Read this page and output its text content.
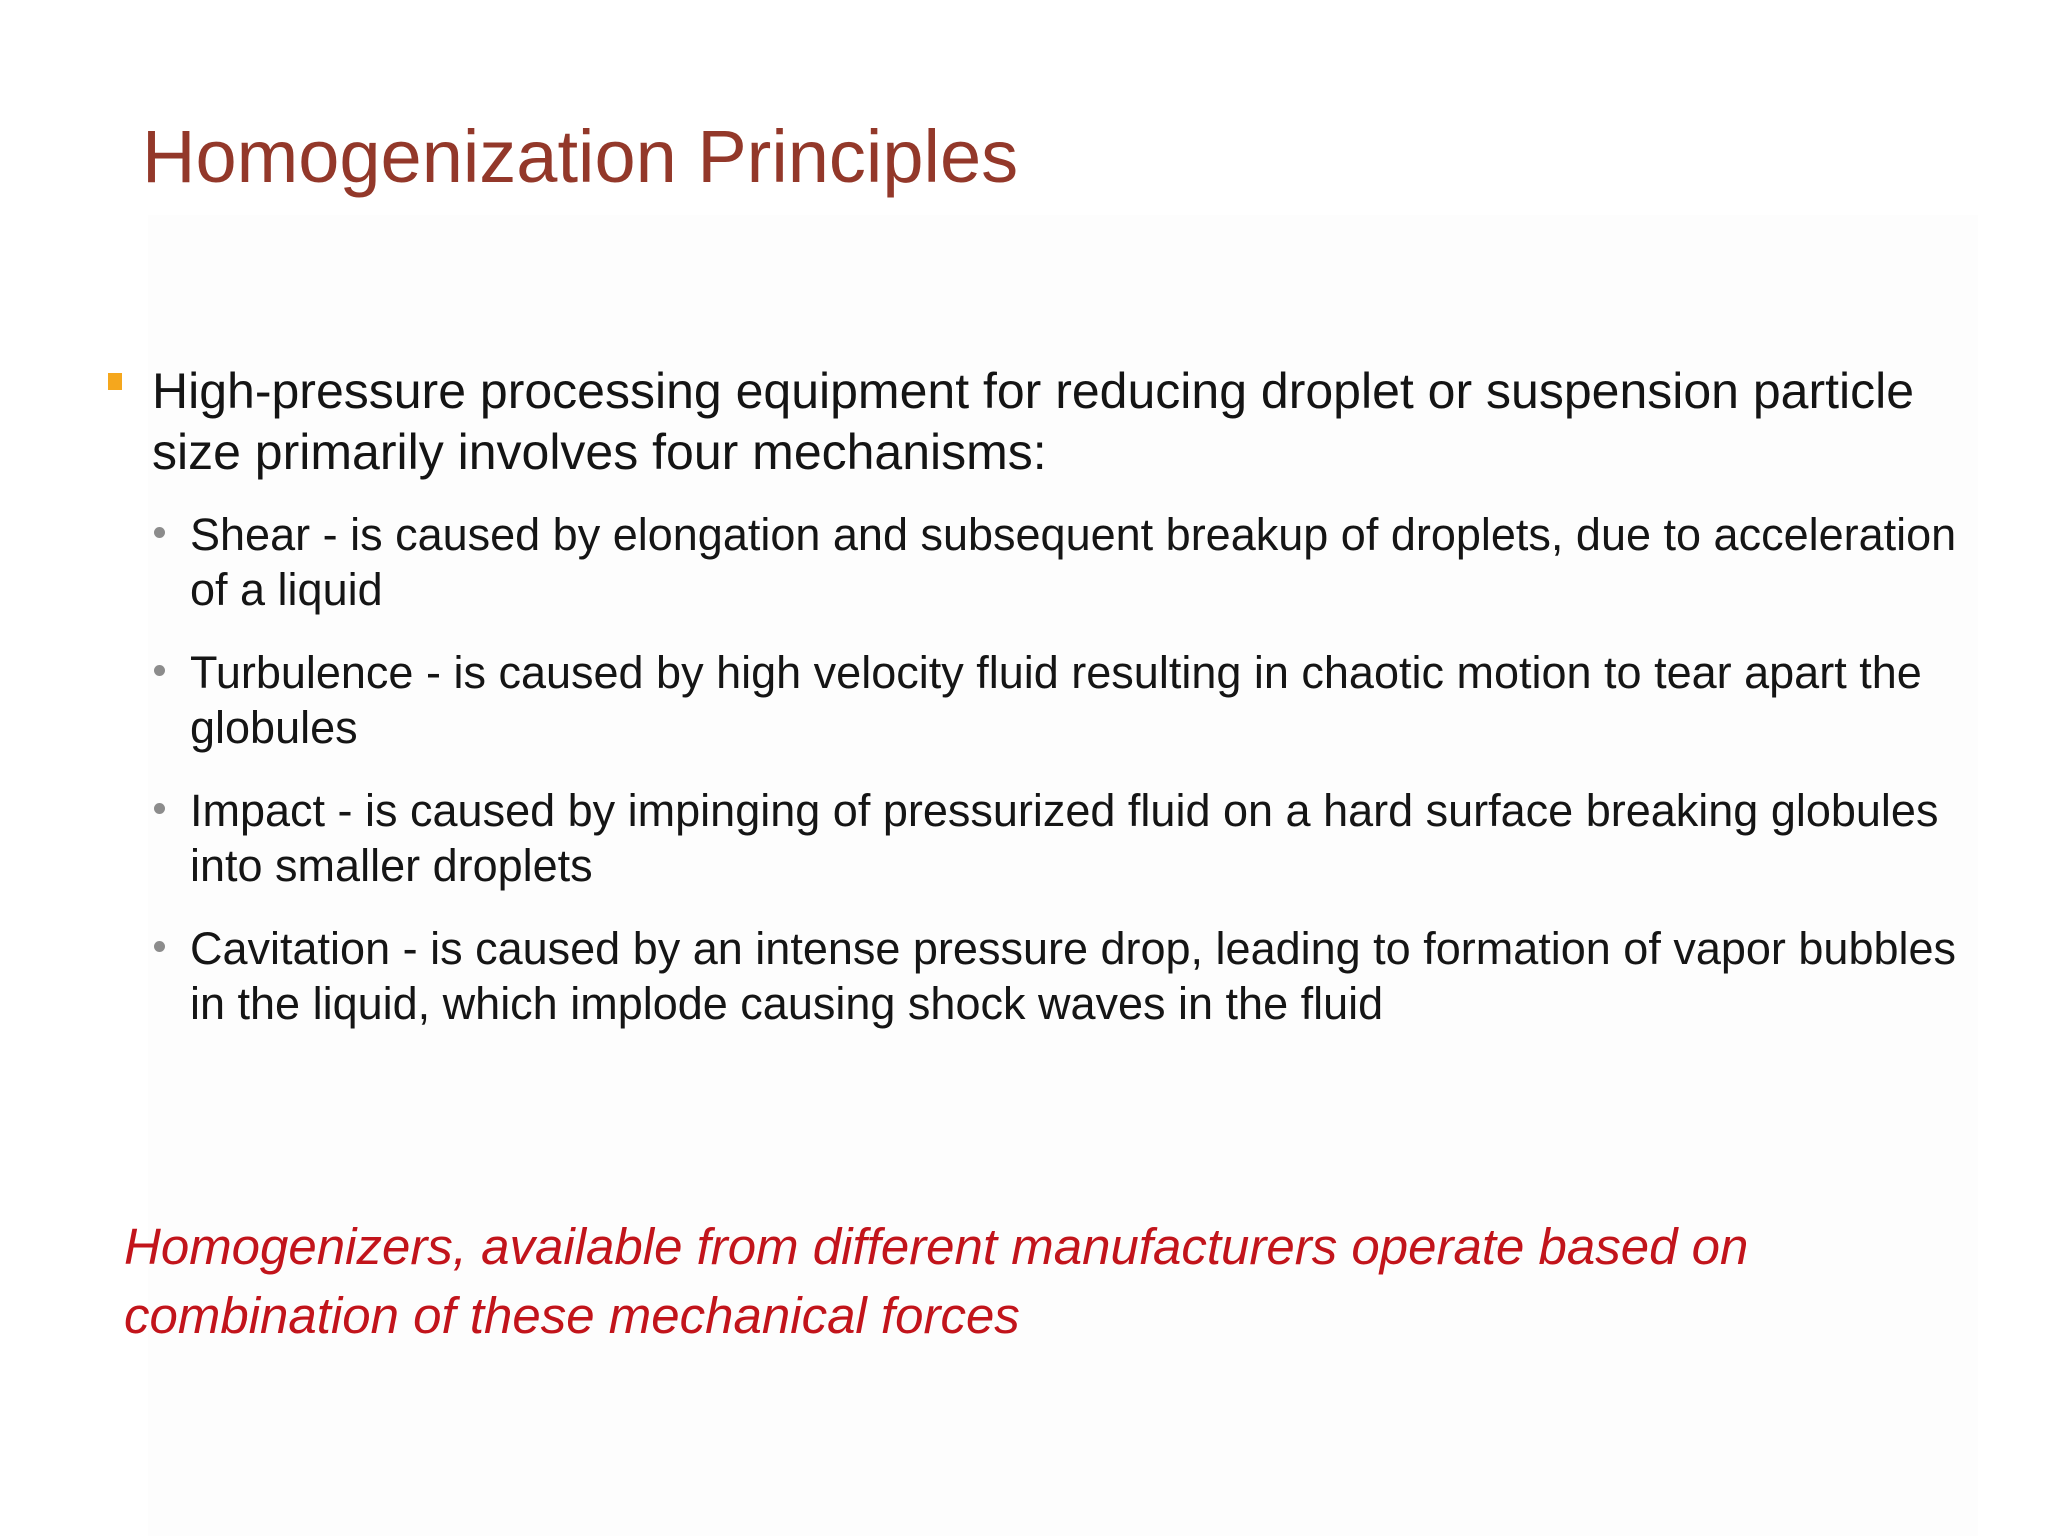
Homogenization Principles

High-pressure processing equipment for reducing droplet or suspension particle size primarily involves four mechanisms:

Shear - is caused by elongation and subsequent breakup of droplets, due to acceleration of a liquid

Turbulence - is caused by high velocity fluid resulting in chaotic motion to tear apart the globules

Impact - is caused by impinging of pressurized fluid on a hard surface breaking globules into smaller droplets

Cavitation - is caused by an intense pressure drop, leading to formation of vapor bubbles in the liquid, which implode causing shock waves in the fluid

Homogenizers, available from different manufacturers operate based on combination of these mechanical forces
